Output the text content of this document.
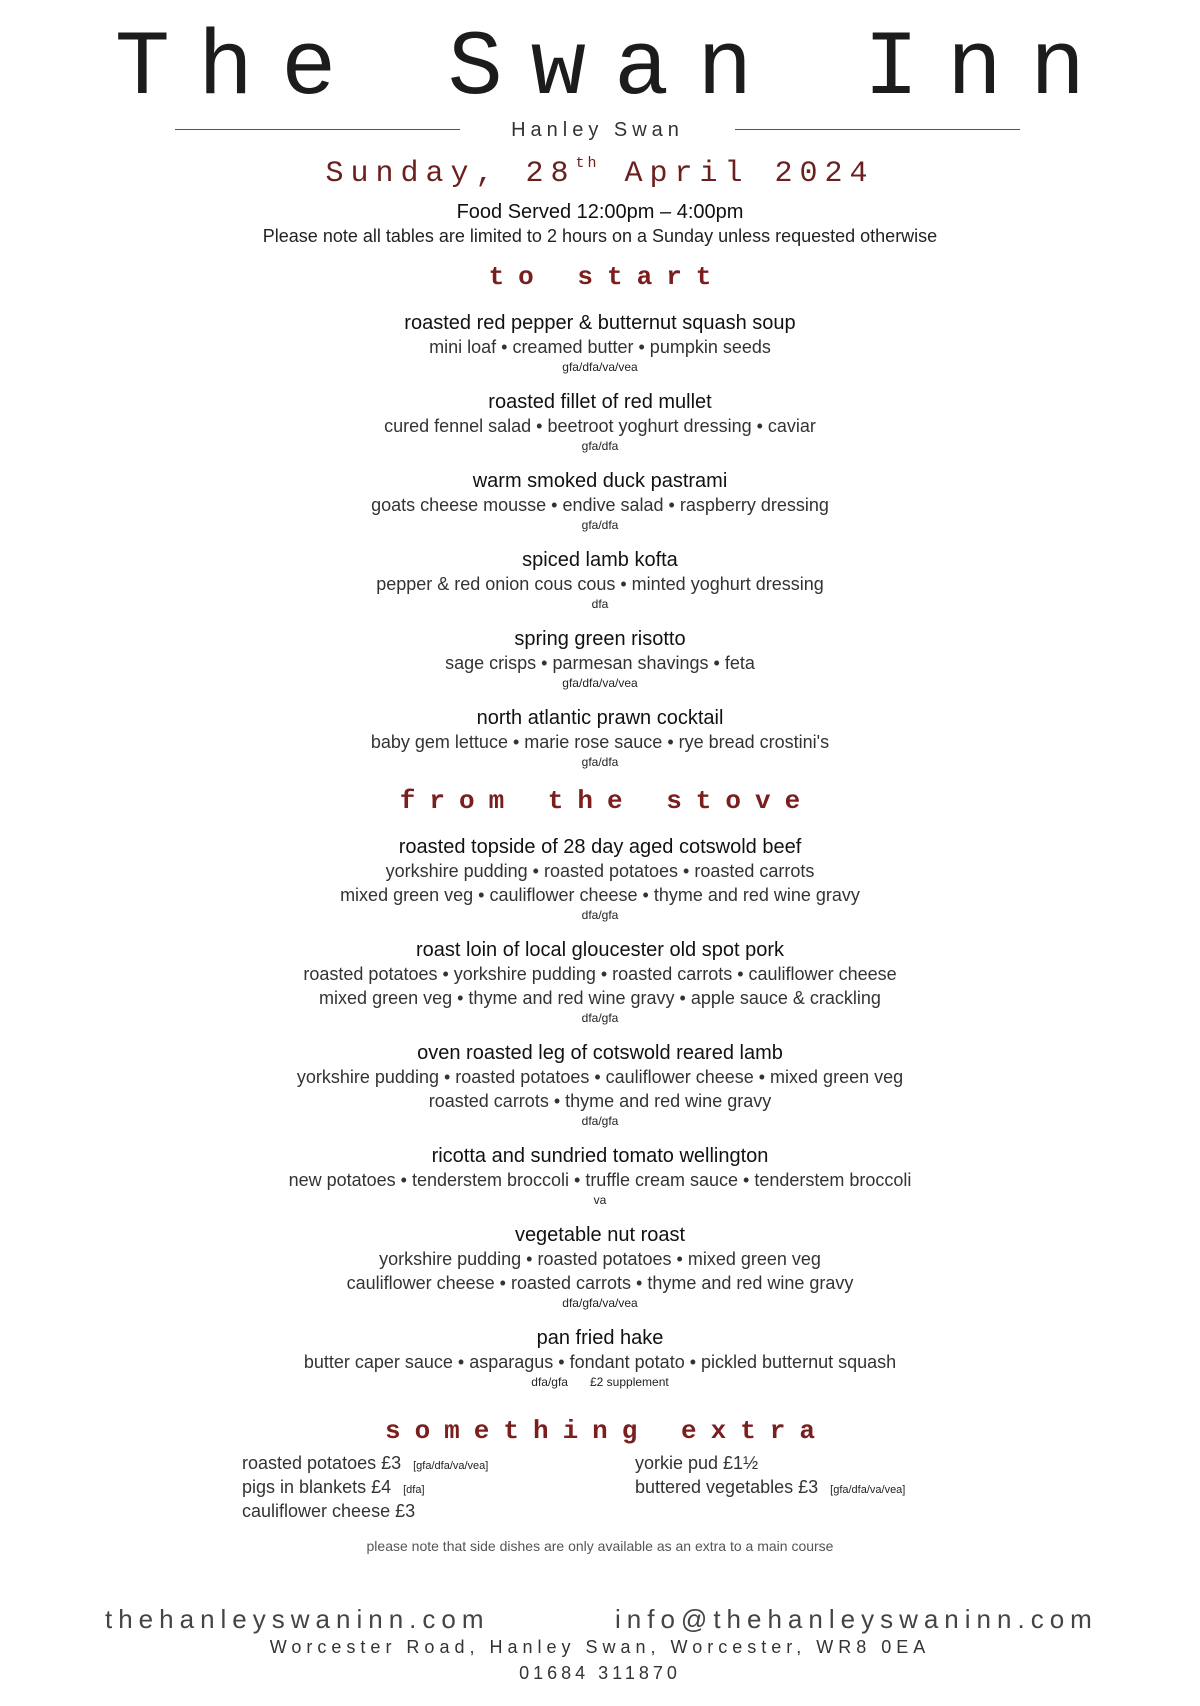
The Swan Inn
Hanley Swan
Sunday, 28th April 2024
Food Served 12:00pm – 4:00pm
Please note all tables are limited to 2 hours on a Sunday unless requested otherwise
to start
roasted red pepper & butternut squash soup
mini loaf • creamed butter • pumpkin seeds
gfa/dfa/va/vea
roasted fillet of red mullet
cured fennel salad • beetroot yoghurt dressing • caviar
gfa/dfa
warm smoked duck pastrami
goats cheese mousse • endive salad • raspberry dressing
gfa/dfa
spiced lamb kofta
pepper & red onion cous cous • minted yoghurt dressing
dfa
spring green risotto
sage crisps • parmesan shavings • feta
gfa/dfa/va/vea
north atlantic prawn cocktail
baby gem lettuce • marie rose sauce • rye bread crostini's
gfa/dfa
from the stove
roasted topside of 28 day aged cotswold beef
yorkshire pudding • roasted potatoes • roasted carrots
mixed green veg • cauliflower cheese • thyme and red wine gravy
dfa/gfa
roast loin of local gloucester old spot pork
roasted potatoes • yorkshire pudding • roasted carrots • cauliflower cheese
mixed green veg • thyme and red wine gravy • apple sauce & crackling
dfa/gfa
oven roasted leg of cotswold reared lamb
yorkshire pudding • roasted potatoes • cauliflower cheese • mixed green veg
roasted carrots • thyme and red wine gravy
dfa/gfa
ricotta and sundried tomato wellington
new potatoes • tenderstem broccoli • truffle cream sauce • tenderstem broccoli
va
vegetable nut roast
yorkshire pudding • roasted potatoes • mixed green veg
cauliflower cheese • roasted carrots • thyme and red wine gravy
dfa/gfa/va/vea
pan fried hake
butter caper sauce • asparagus • fondant potato • pickled butternut squash
dfa/gfa £2 supplement
something extra
roasted potatoes £3 [gfa/dfa/va/vea]
pigs in blankets £4 [dfa]
cauliflower cheese £3
yorkie pud £1½
buttered vegetables £3 [gfa/dfa/va/vea]
please note that side dishes are only available as an extra to a main course
thehanleyswaninn.com	info@thehanleyswaninn.com
Worcester Road, Hanley Swan, Worcester, WR8 0EA
01684 311870
